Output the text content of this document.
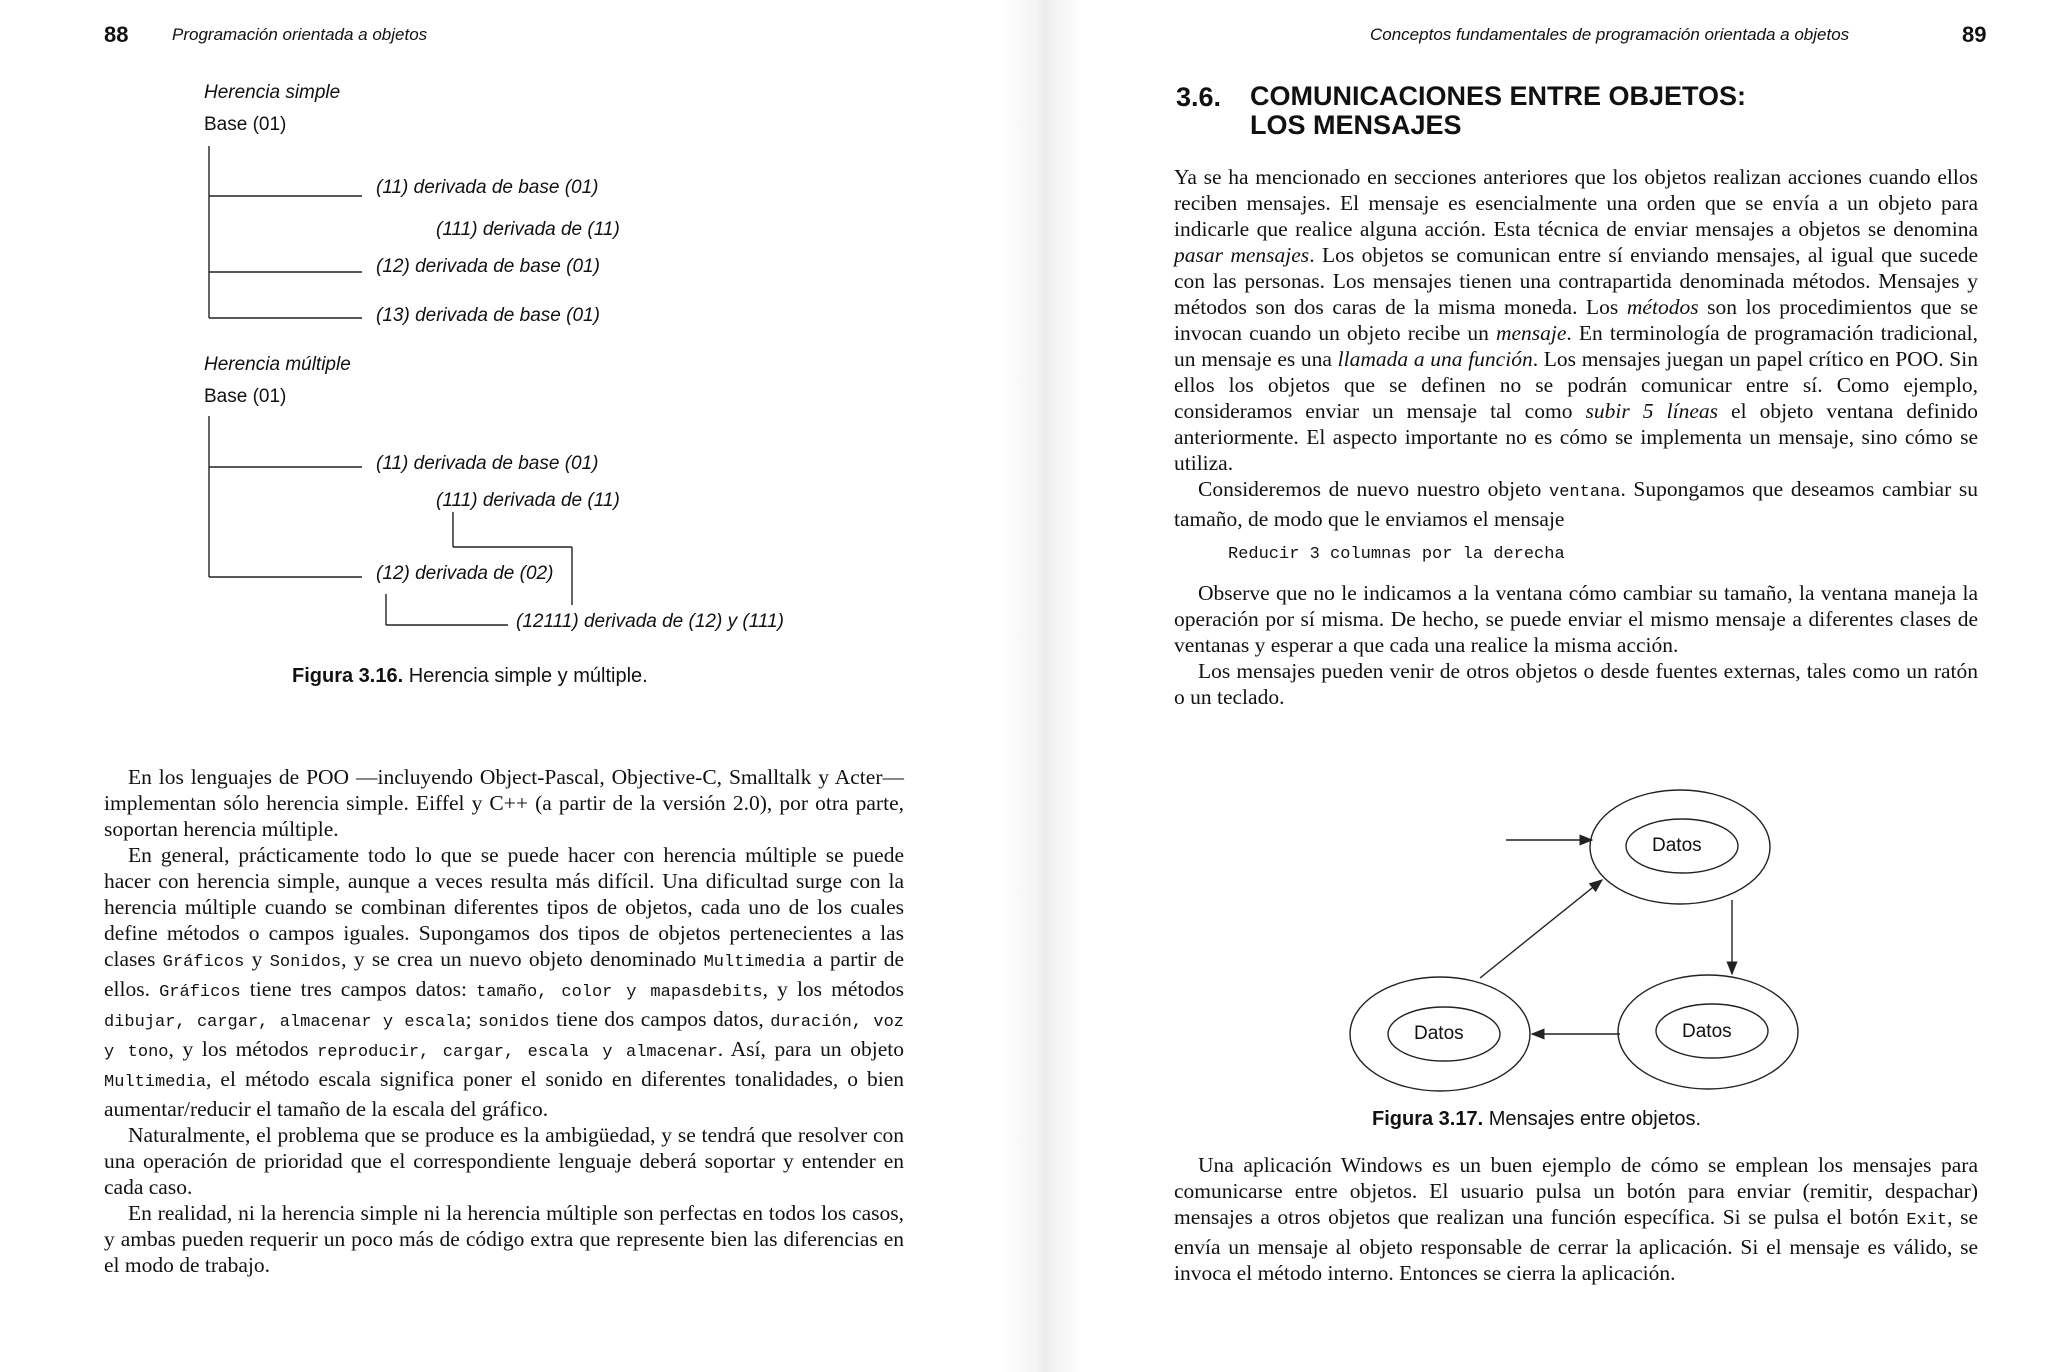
88	Programación orientada a objetos
Herencia simple
Base (01)
(11) derivada de base (01)
(111) derivada de (11)
(12) derivada de base (01)
(13) derivada de base (01)
Herencia múltiple
Base (01)
(11) derivada de base (01)
(111) derivada de (11)
(12) derivada de (02)
(12111) derivada de (12) y (111)
Figura 3.16. Herencia simple y múltiple.

En los lenguajes de POO —incluyendo Object-Pascal, Objective-C, Smalltalk y Acter— implementan sólo herencia simple. Eiffel y C++ (a partir de la versión 2.0), por otra parte, soportan herencia múltiple.

En general, prácticamente todo lo que se puede hacer con herencia múltiple se puede hacer con herencia simple, aunque a veces resulta más difícil. Una dificultad surge con la herencia múltiple cuando se combinan diferentes tipos de objetos, cada uno de los cuales define métodos o campos iguales. Supongamos dos tipos de objetos pertenecientes a las clases Gráficos y Sonidos, y se crea un nuevo objeto denominado Multimedia a partir de ellos. Gráficos tiene tres campos datos: tamaño, color y mapasdebits, y los métodos dibujar, cargar, almacenar y escala; sonidos tiene dos campos datos, duración, voz y tono, y los métodos reproducir, cargar, escala y almacenar. Así, para un objeto Multimedia, el método escala significa poner el sonido en diferentes tonalidades, o bien aumentar/reducir el tamaño de la escala del gráfico.

Naturalmente, el problema que se produce es la ambigüedad, y se tendrá que resolver con una operación de prioridad que el correspondiente lenguaje deberá soportar y entender en cada caso.

En realidad, ni la herencia simple ni la herencia múltiple son perfectas en todos los casos, y ambas pueden requerir un poco más de código extra que represente bien las diferencias en el modo de trabajo.

Conceptos fundamentales de programación orientada a objetos	89
3.6. COMUNICACIONES ENTRE OBJETOS:
LOS MENSAJES

Ya se ha mencionado en secciones anteriores que los objetos realizan acciones cuando ellos reciben mensajes. El mensaje es esencialmente una orden que se envía a un objeto para indicarle que realice alguna acción. Esta técnica de enviar mensajes a objetos se denomina pasar mensajes. Los objetos se comunican entre sí enviando mensajes, al igual que sucede con las personas. Los mensajes tienen una contrapartida denominada métodos. Mensajes y métodos son dos caras de la misma moneda. Los métodos son los procedimientos que se invocan cuando un objeto recibe un mensaje. En terminología de programación tradicional, un mensaje es una llamada a una función. Los mensajes juegan un papel crítico en POO. Sin ellos los objetos que se definen no se podrán comunicar entre sí. Como ejemplo, consideramos enviar un mensaje tal como subir 5 líneas el objeto ventana definido anteriormente. El aspecto importante no es cómo se implementa un mensaje, sino cómo se utiliza.

Consideremos de nuevo nuestro objeto ventana. Supongamos que deseamos cambiar su tamaño, de modo que le enviamos el mensaje

Reducir 3 columnas por la derecha

Observe que no le indicamos a la ventana cómo cambiar su tamaño, la ventana maneja la operación por sí misma. De hecho, se puede enviar el mismo mensaje a diferentes clases de ventanas y esperar a que cada una realice la misma acción.

Los mensajes pueden venir de otros objetos o desde fuentes externas, tales como un ratón o un teclado.

Datos
Datos	Datos
Figura 3.17. Mensajes entre objetos.

Una aplicación Windows es un buen ejemplo de cómo se emplean los mensajes para comunicarse entre objetos. El usuario pulsa un botón para enviar (remitir, despachar) mensajes a otros objetos que realizan una función específica. Si se pulsa el botón Exit, se envía un mensaje al objeto responsable de cerrar la aplicación. Si el mensaje es válido, se invoca el método interno. Entonces se cierra la aplicación.
